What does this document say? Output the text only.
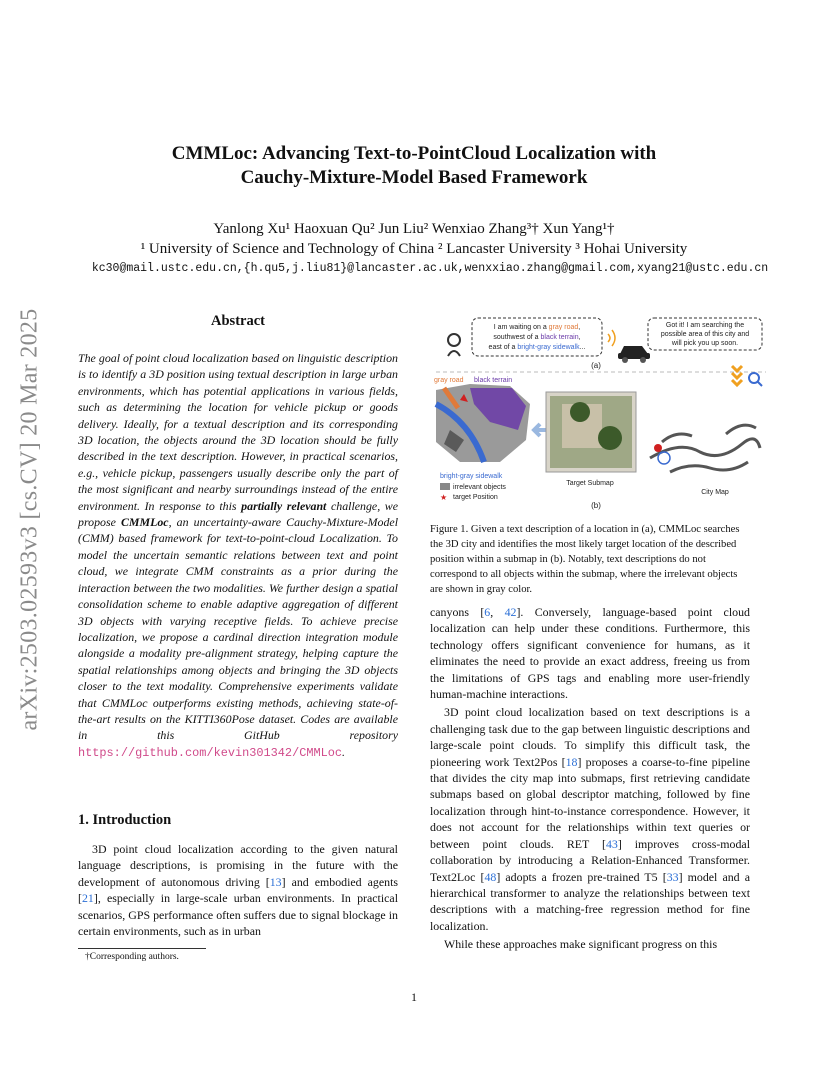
arXiv:2503.02593v3 [cs.CV] 20 Mar 2025
CMMLoc: Advancing Text-to-PointCloud Localization with
Cauchy-Mixture-Model Based Framework
Yanlong Xu¹ Haoxuan Qu² Jun Liu² Wenxiao Zhang³† Xun Yang¹†
¹ University of Science and Technology of China ² Lancaster University ³ Hohai University
kc30@mail.ustc.edu.cn,{h.qu5,j.liu81}@lancaster.ac.uk,wenxxiao.zhang@gmail.com,xyang21@ustc.edu.cn
Abstract
The goal of point cloud localization based on linguistic description is to identify a 3D position using textual description in large urban environments, which has potential applications in various fields, such as determining the location for vehicle pickup or goods delivery. Ideally, for a textual description and its corresponding 3D location, the objects around the 3D location should be fully described in the text description. However, in practical scenarios, e.g., vehicle pickup, passengers usually describe only the part of the most significant and nearby surroundings instead of the entire environment. In response to this partially relevant challenge, we propose CMMLoc, an uncertainty-aware Cauchy-Mixture-Model (CMM) based framework for text-to-point-cloud Localization. To model the uncertain semantic relations between text and point cloud, we integrate CMM constraints as a prior during the interaction between the two modalities. We further design a spatial consolidation scheme to enable adaptive aggregation of different 3D objects with varying receptive fields. To achieve precise localization, we propose a cardinal direction integration module alongside a modality pre-alignment strategy, helping capture the spatial relationships among objects and bringing the 3D objects closer to the text modality. Comprehensive experiments validate that CMMLoc outperforms existing methods, achieving state-of-the-art results on the KITTI360Pose dataset. Codes are available in this GitHub repository https://github.com/kevin301342/CMMLoc.
1. Introduction

3D point cloud localization according to the given natural language descriptions, is promising in the future with the development of autonomous driving [13] and embodied agents [21], especially in large-scale urban environments. In practical scenarios, GPS performance often suffers due to signal blockage in certain environments, such as in urban

†Corresponding authors.
I am waiting on a gray road,
southwest of a black terrain,
east of a bright-gray sidewalk...
Got it! I am searching the
possible area of this city and
will pick you up soon.
(a)
gray road black terrain
bright-gray sidewalk
irrelevant objects
★ target Position
Target Submap
(b)
City Map
Figure 1. Given a text description of a location in (a), CMMLoc searches the 3D city and identifies the most likely target location of the described position within a submap in (b). Notably, text descriptions do not correspond to all objects within the submap, where the irrelevant objects are shown in gray color.

canyons [6, 42]. Conversely, language-based point cloud localization can help under these conditions. Furthermore, this technology offers significant convenience for humans, as it eliminates the need to provide an exact address, freeing us from the limitations of GPS tags and enabling more user-friendly human-machine interactions.

3D point cloud localization based on text descriptions is a challenging task due to the gap between linguistic descriptions and large-scale point clouds. To simplify this difficult task, the pioneering work Text2Pos [18] proposes a coarse-to-fine pipeline that divides the city map into submaps, first retrieving candidate submaps based on global descriptor matching, followed by fine localization through hint-to-instance correspondence. However, it does not account for the relationships within text queries or between point clouds. RET [43] improves cross-modal collaboration by introducing a Relation-Enhanced Transformer. Text2Loc [48] adopts a frozen pre-trained T5 [33] model and a hierarchical transformer to analyze the relationships between text descriptions with a matching-free regression method for fine localization.

While these approaches make significant progress on this

1
